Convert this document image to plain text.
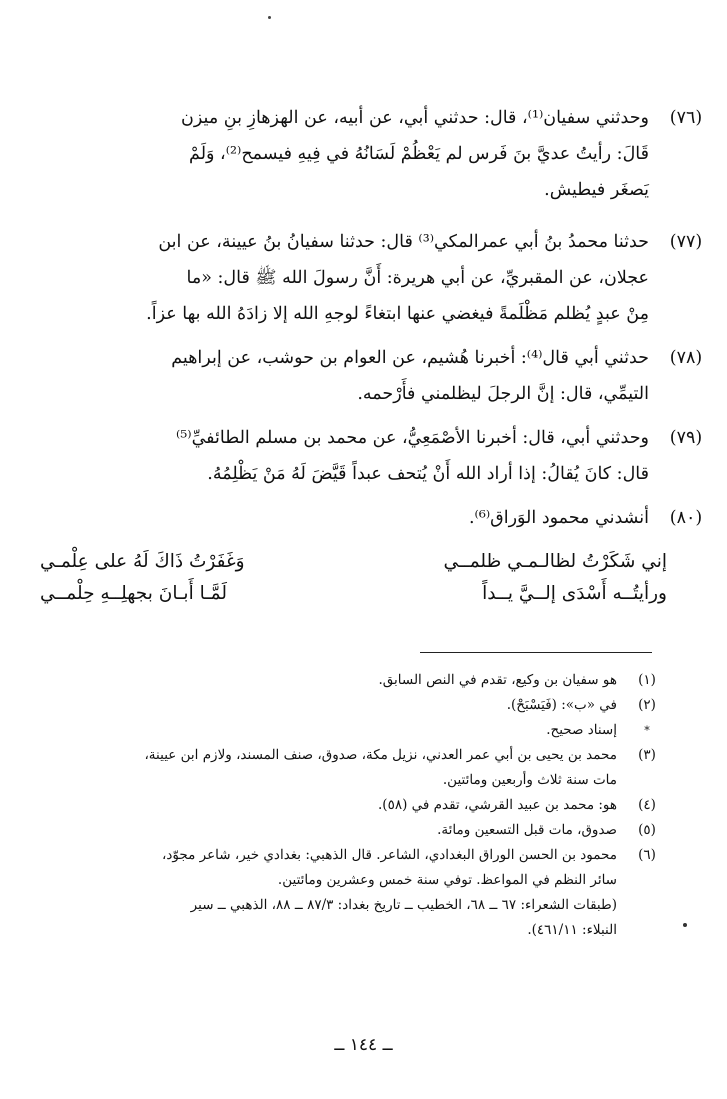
(٧٦)

وحدثني سفيان⁽¹⁾، قال: حدثني أبي، عن أبيه، عن الهزهازِ بنِ ميزن

قَالَ: رأيتُ عديَّ بنَ فَرس لم يَعْظُمْ لَسَانُهُ في فِيهِ فيسمح⁽²⁾، وَلَمْ

يَصغَر فيطيش.

(٧٧)

حدثنا محمدُ بنُ أبي عمرالمكي⁽³⁾ قال: حدثنا سفيانُ بنُ عيينة، عن ابن

عجلان، عن المقبريِّ، عن أبي هريرة: أَنَّ رسولَ الله ﷺ قال: «ما

مِنْ عبدٍ يُظلم مَظْلَمةً فيغضي عنها ابتغاءً لوجهِ الله إلا زادَهُ الله بها عزاً.

(٧٨)

حدثني أبي قال⁽⁴⁾: أخبرنا هُشيم، عن العوام بن حوشب، عن إبراهيم

التيمِّي، قال: إنَّ الرجلَ ليظلمني فأَرْحمه.

(٧٩)

وحدثني أبي، قال: أخبرنا الأصْمَعِيُّ، عن محمد بن مسلم الطائفيِّ⁽⁵⁾

قال: كانَ يُقالُ: إذا أراد الله أَنْ يُتحف عبداً قَيَّضَ لَهُ مَنْ يَظْلِمُهُ.

(٨٠)

أنشدني محمود الوَراق⁽⁶⁾.

إني شَكَرْتُ لظالـمـي ظلمــي
وَغَفَرْتُ ذَاكَ لَهُ على عِلْمـي
ورأيتُــه أَسْدَى إلــيَّ يــداً
لَمَّـا أَبـانَ بجهلِــهِ حِلْمــي
(١)

هو سفيان بن وكيع، تقدم في النص السابق.

(٢)

في «ب»: (فَيَسْبَحْ).

*

إسناد صحيح.

(٣)

محمد بن يحيى بن أبي عمر العدني، نزيل مكة، صدوق، صنف المسند، ولازم ابن عيينة،

مات سنة ثلاث وأربعين ومائتين.

(٤)

هو: محمد بن عبيد القرشي، تقدم في (٥٨).

(٥)

صدوق، مات قبل التسعين ومائة.

(٦)

محمود بن الحسن الوراق البغدادي، الشاعر. قال الذهبي: بغدادي خير، شاعر مجوّد،

سائر النظم في المواعظ. توفي سنة خمس وعشرين ومائتين.

(طبقات الشعراء: ٦٧ ــ ٦٨، الخطيب ــ تاريخ بغداد: ٨٧/٣ ــ ٨٨، الذهبي ــ سير

النبلاء: ٤٦١/١١).

ــ ١٤٤ ــ
